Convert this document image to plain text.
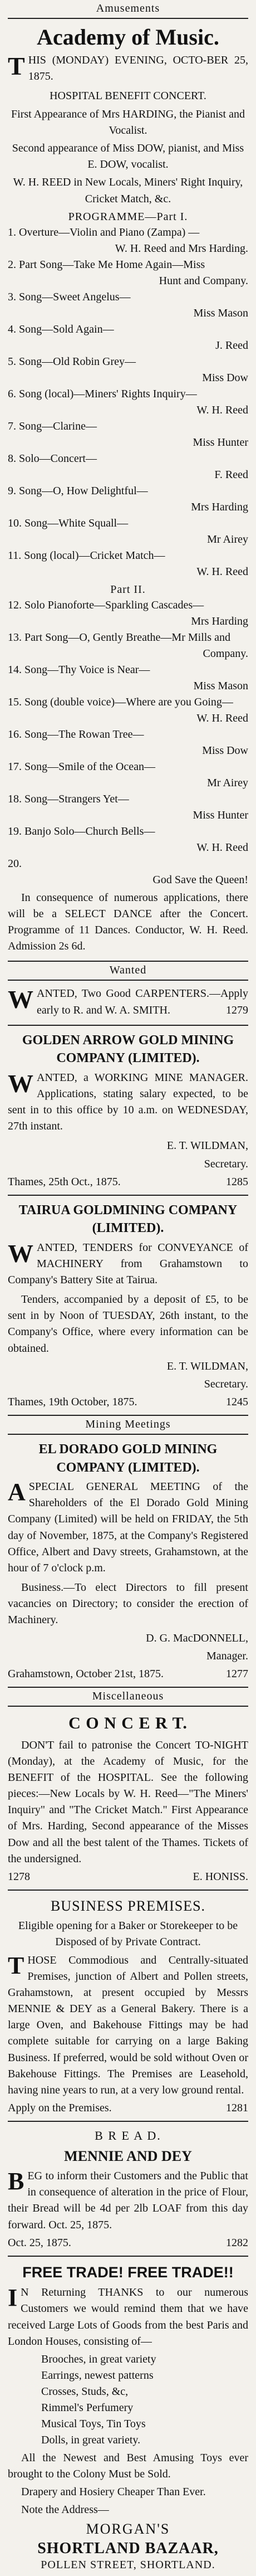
Amusements
Academy of Music.

THIS (MONDAY) EVENING, OCTO-BER 25, 1875.

HOSPITAL BENEFIT CONCERT.

First Appearance of Mrs HARDING, the Pianist and Vocalist.

Second appearance of Miss DOW, pianist, and Miss E. DOW, vocalist.

W. H. REED in New Locals, Miners' Right Inquiry, Cricket Match, &c.

PROGRAMME—Part I.
1. Overture—Violin and Piano (Zampa) —
W. H. Reed and Mrs Harding.
2. Part Song—Take Me Home Again—Miss
Hunt and Company.
3. Song—Sweet Angelus—
Miss Mason
4. Song—Sold Again—
J. Reed
5. Song—Old Robin Grey—
Miss Dow
6. Song (local)—Miners' Rights Inquiry—
W. H. Reed
7. Song—Clarine—
Miss Hunter
8. Solo—Concert—
F. Reed
9. Song—O, How Delightful—
Mrs Harding
10. Song—White Squall—
Mr Airey
11. Song (local)—Cricket Match—
W. H. Reed
Part II.
12. Solo Pianoforte—Sparkling Cascades—
Mrs Harding
13. Part Song—O, Gently Breathe—Mr Mills and
Company.
14. Song—Thy Voice is Near—
Miss Mason
15. Song (double voice)—Where are you Going—
W. H. Reed
16. Song—The Rowan Tree—
Miss Dow
17. Song—Smile of the Ocean—
Mr Airey
18. Song—Strangers Yet—
Miss Hunter
19. Banjo Solo—Church Bells—
W. H. Reed
20.
God Save the Queen!

In consequence of numerous applications, there will be a SELECT DANCE after the Concert. Programme of 11 Dances. Conductor, W. H. Reed. Admission 2s 6d.

Wanted

WANTED, Two Good CARPENTERS.—Apply early to R. and W. A. SMITH.	1279

GOLDEN ARROW GOLD MINING COMPANY (LIMITED).

WANTED, a WORKING MINE MANAGER. Applications, stating salary expected, to be sent in to this office by 10 a.m. on WEDNESDAY, 27th instant.

E. T. WILDMAN,

Secretary.

Thames, 25th Oct., 1875.	1285
TAIRUA GOLDMINING COMPANY (LIMITED).

WANTED, TENDERS for CONVEYANCE of MACHINERY from Grahamstown to Company's Battery Site at Tairua.

Tenders, accompanied by a deposit of £5, to be sent in by Noon of TUESDAY, 26th instant, to the Company's Office, where every information can be obtained.

E. T. WILDMAN,

Secretary.

Thames, 19th October, 1875.	1245
Mining Meetings
EL DORADO GOLD MINING COMPANY (LIMITED).

ASPECIAL GENERAL MEETING of the Shareholders of the El Dorado Gold Mining Company (Limited) will be held on FRIDAY, the 5th day of November, 1875, at the Company's Registered Office, Albert and Davy streets, Grahamstown, at the hour of 7 o'clock p.m.

Business.—To elect Directors to fill present vacancies on Directory; to consider the erection of Machinery.

D. G. MacDONNELL,

Manager.

Grahamstown, October 21st, 1875.	1277
Miscellaneous
C O N C E R T.

DON'T fail to patronise the Concert TO-NIGHT (Monday), at the Academy of Music, for the BENEFIT of the HOSPITAL. See the following pieces:—New Locals by W. H. Reed—"The Miners' Inquiry" and "The Cricket Match." First Appearance of Mrs. Harding, Second appearance of the Misses Dow and all the best talent of the Thames. Tickets of the undersigned.

1278	E. HONISS.
BUSINESS PREMISES.

Eligible opening for a Baker or Storekeeper to be Disposed of by Private Contract.

THOSE Commodious and Centrally-situated Premises, junction of Albert and Pollen streets, Grahamstown, at present occupied by Messrs MENNIE & DEY as a General Bakery. There is a large Oven, and Bakehouse Fittings may be had complete suitable for carrying on a large Baking Business. If preferred, would be sold without Oven or Bakehouse Fittings. The Premises are Leasehold, having nine years to run, at a very low ground rental.

Apply on the Premises.	1281
B R E A D.
MENNIE AND DEY

BEG to inform their Customers and the Public that in consequence of alteration in the price of Flour, their Bread will be 4d per 2lb LOAF from this day forward. Oct. 25, 1875.

Oct. 25, 1875.	1282
FREE TRADE! FREE TRADE!!

I N Returning THANKS to our numerous Customers we would remind them that we have received Large Lots of Goods from the best Paris and London Houses, consisting of—

Brooches, in great variety
Earrings, newest patterns
Crosses, Studs, &c,
Rimmel's Perfumery
Musical Toys, Tin Toys
Dolls, in great variety.

All the Newest and Best Amusing Toys ever brought to the Colony Must be Sold.

Drapery and Hosiery Cheaper Than Ever.

Note the Address—

MORGAN'S
SHORTLAND BAZAAR,
POLLEN STREET, SHORTLAND.
